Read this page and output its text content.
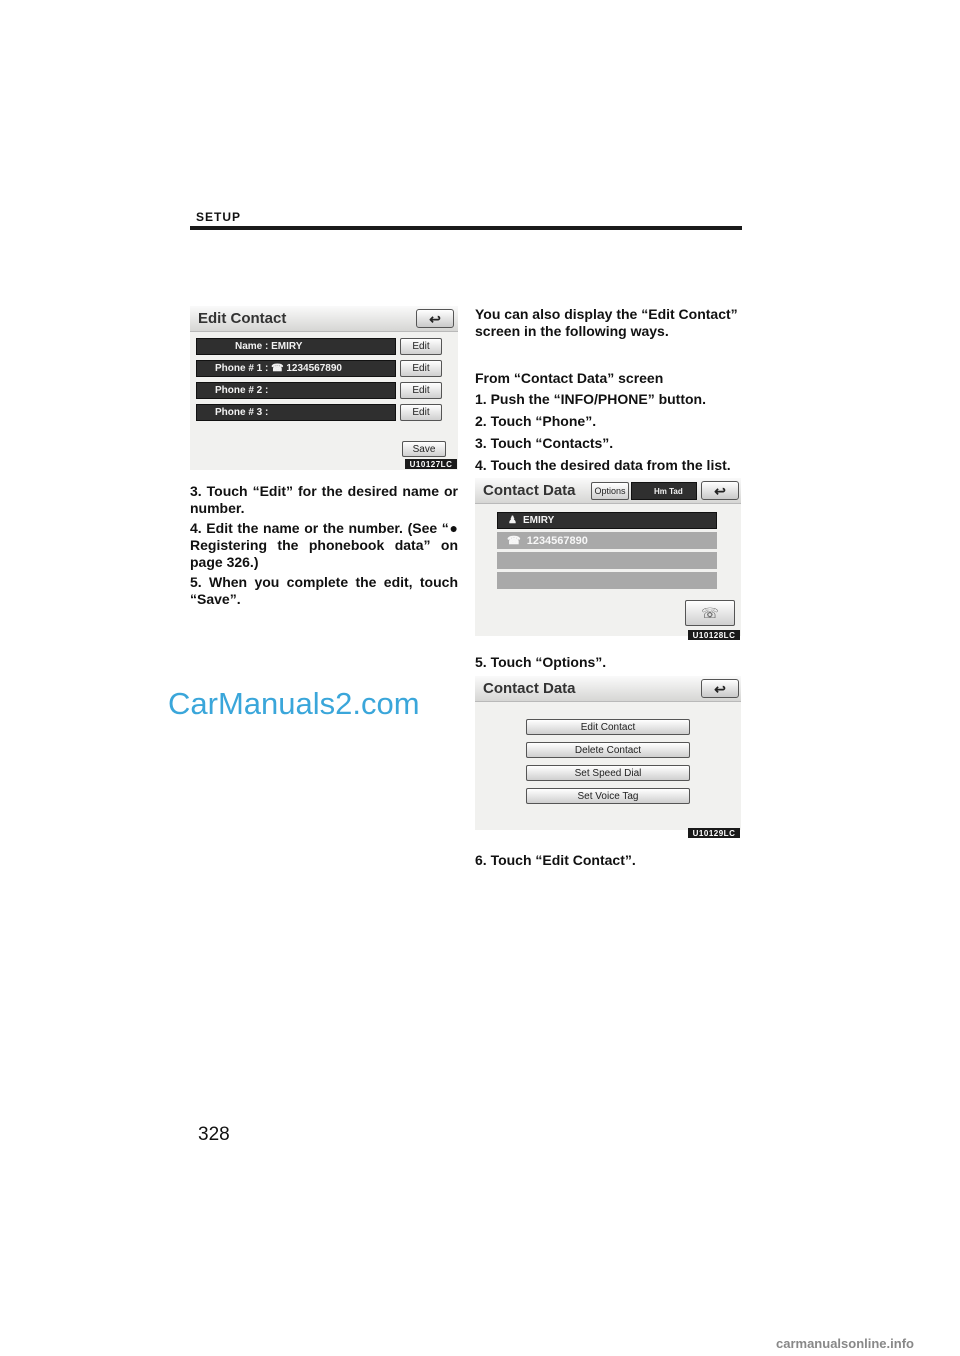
SETUP
Edit Contact	↩
Name : EMIRY	Edit
Phone # 1 : ☎ 1234567890	Edit
Phone # 2 :	Edit
Phone # 3 :	Edit
Save
U10127LC
3. Touch “Edit” for the desired name or number.
4. Edit the name or the number. (See “● Registering the phonebook data” on page 326.)
5. When you complete the edit, touch “Save”.
CarManuals2.com
You can also display the “Edit Contact” screen in the following ways.
From “Contact Data” screen
1. Push the “INFO/PHONE” button.
2. Touch “Phone”.
3. Touch “Contacts”.
4. Touch the desired data from the list.
Contact Data Options	Hm Tad ↩
♟ EMIRY
☎ 1234567890
☏
U10128LC
5. Touch “Options”.
Contact Data	↩
Edit Contact
Delete Contact
Set Speed Dial
Set Voice Tag
U10129LC
6. Touch “Edit Contact”.
328
carmanualsonline.info
